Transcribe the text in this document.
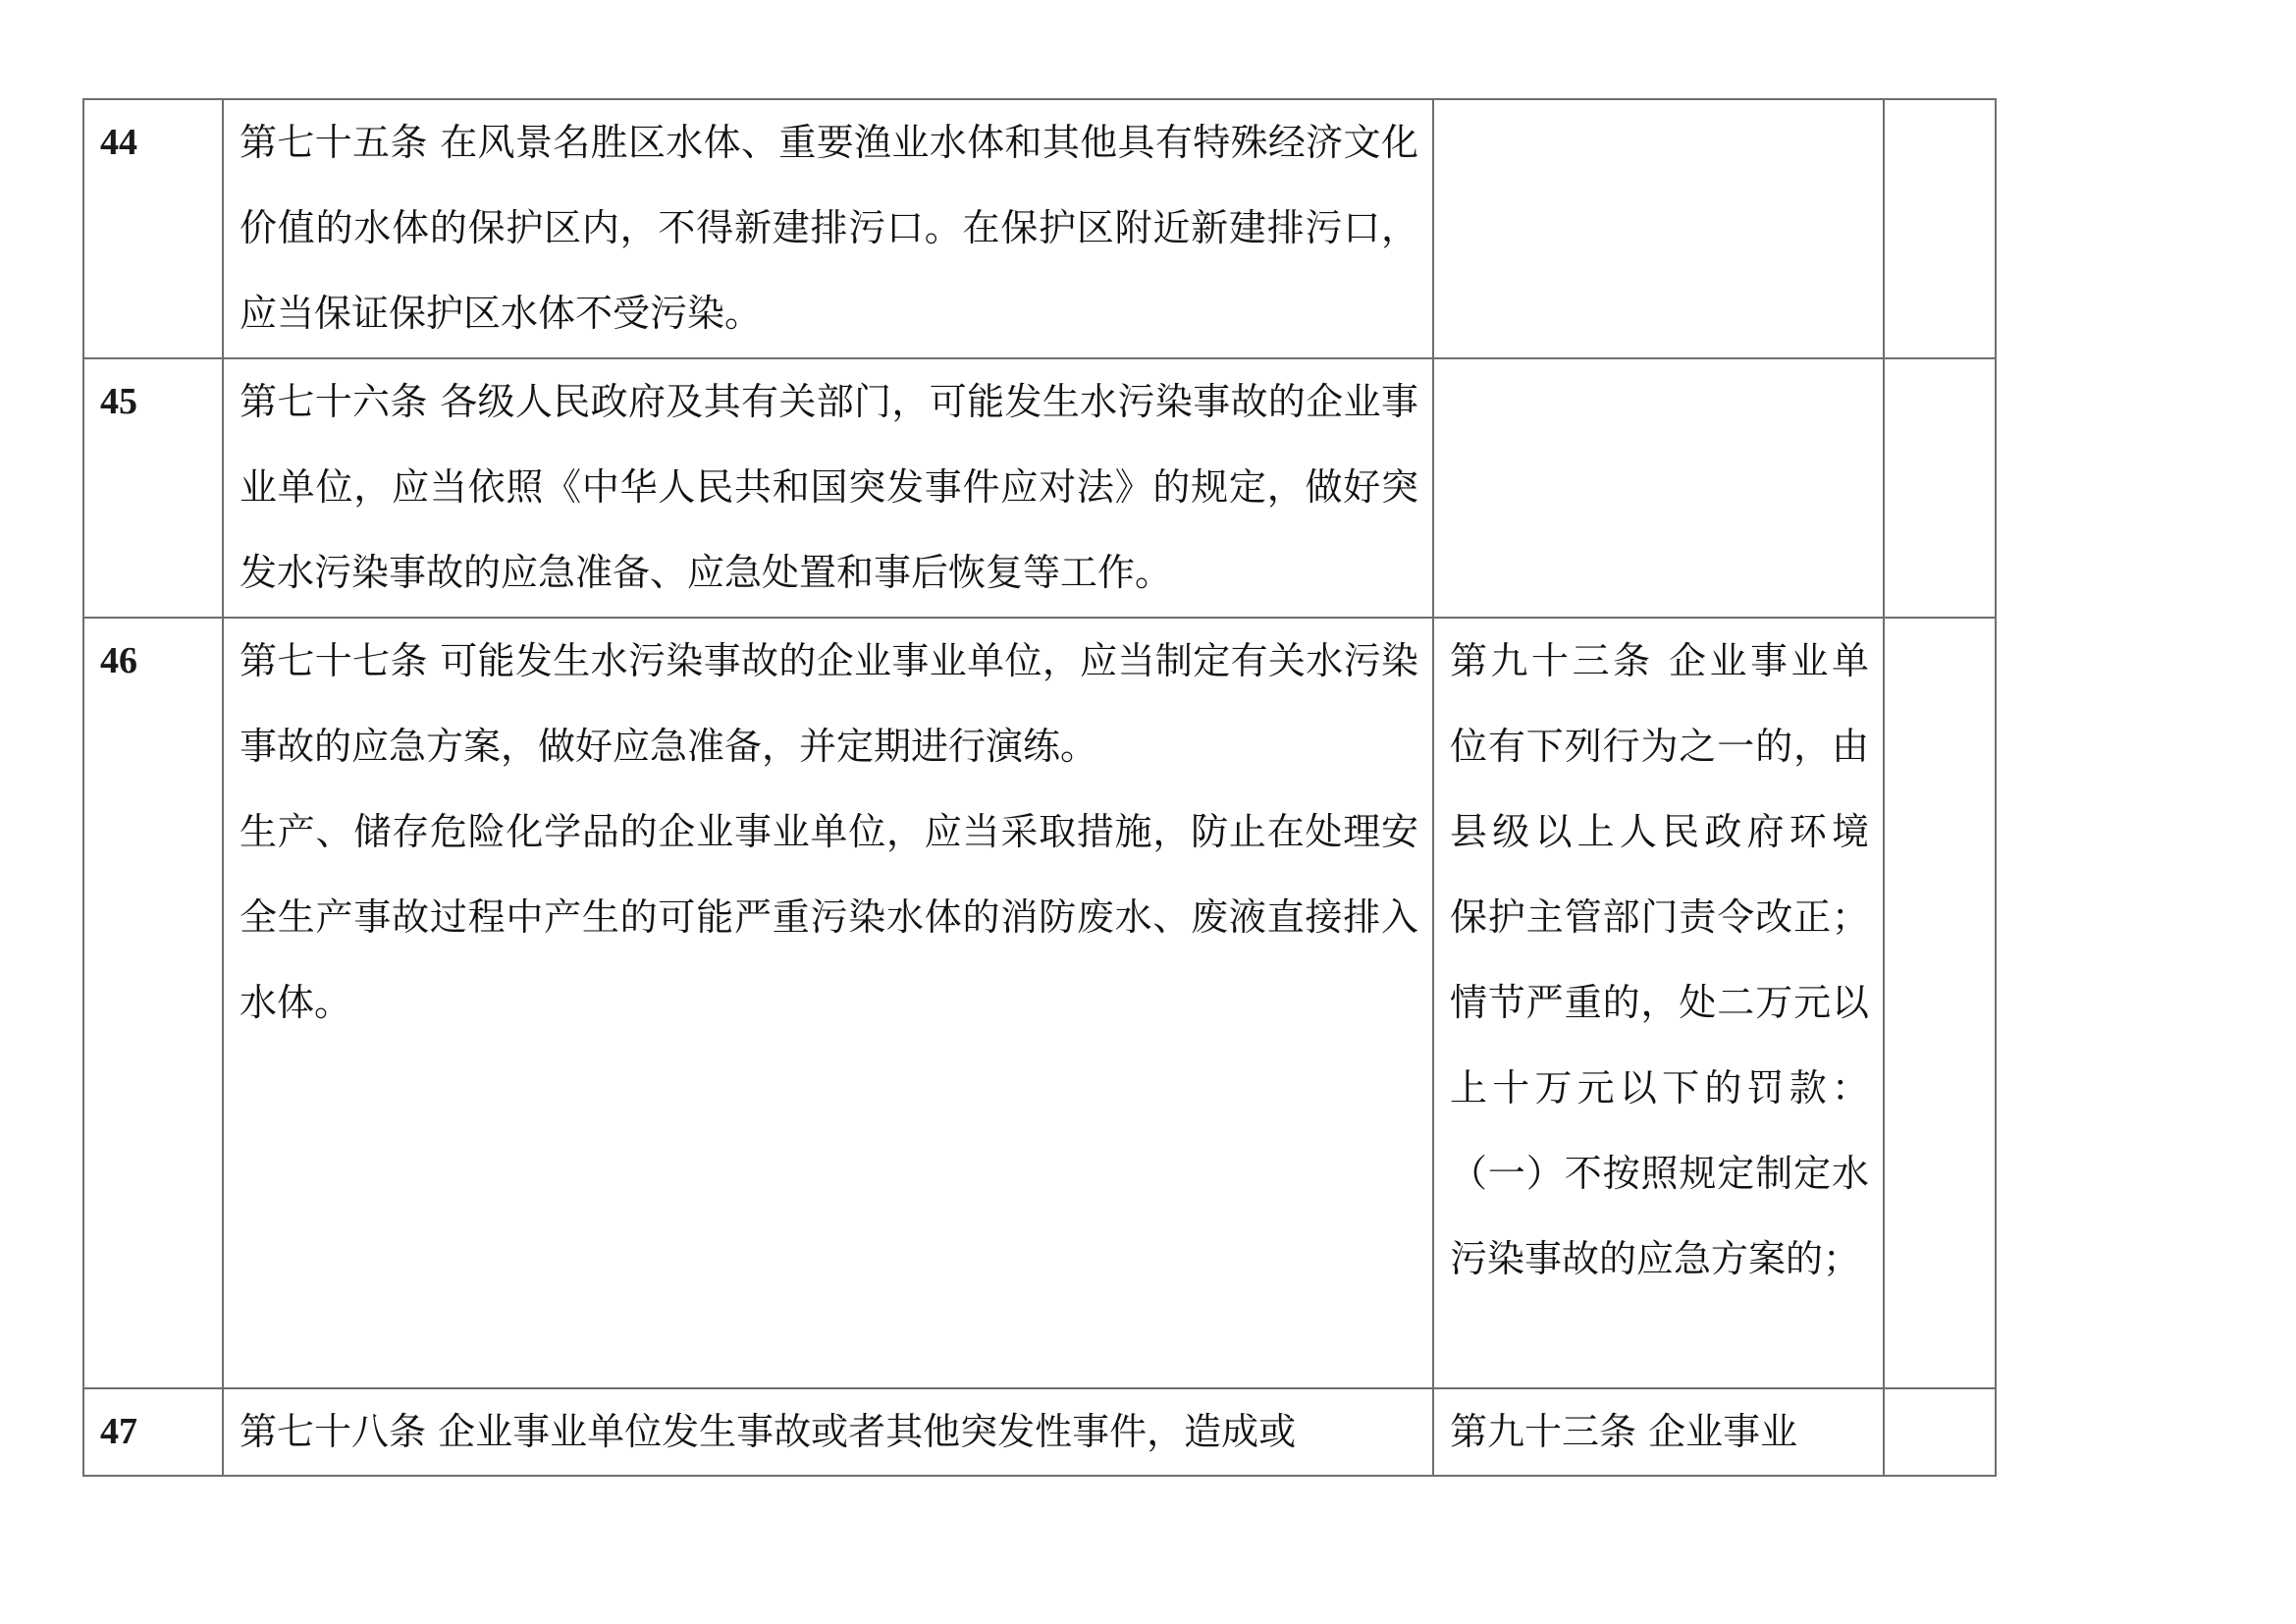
44	第七十五条 在风景名胜区水体、重要渔业水体和其他具有特殊经济文化价值的水体的保护区内，不得新建排污口。在保护区附近新建排污口，应当保证保护区水体不受污染。		

45	第七十六条 各级人民政府及其有关部门，可能发生水污染事故的企业事业单位，应当依照《中华人民共和国突发事件应对法》的规定，做好突发水污染事故的应急准备、应急处置和事后恢复等工作。		

46	第七十七条 可能发生水污染事故的企业事业单位，应当制定有关水污染事故的应急方案，做好应急准备，并定期进行演练。
生产、储存危险化学品的企业事业单位，应当采取措施，防止在处理安全生产事故过程中产生的可能严重污染水体的消防废水、废液直接排入水体。	第九十三条 企业事业单位有下列行为之一的，由县级以上人民政府环境 保护主管部门责令改正；情节严重的，处二万元以上十万元以下的罚款：（一）不按照规定制定水污染事故的应急方案的；	
47	第七十八条 企业事业单位发生事故或者其他突发性事件，造成或	第九十三条 企业事业	
